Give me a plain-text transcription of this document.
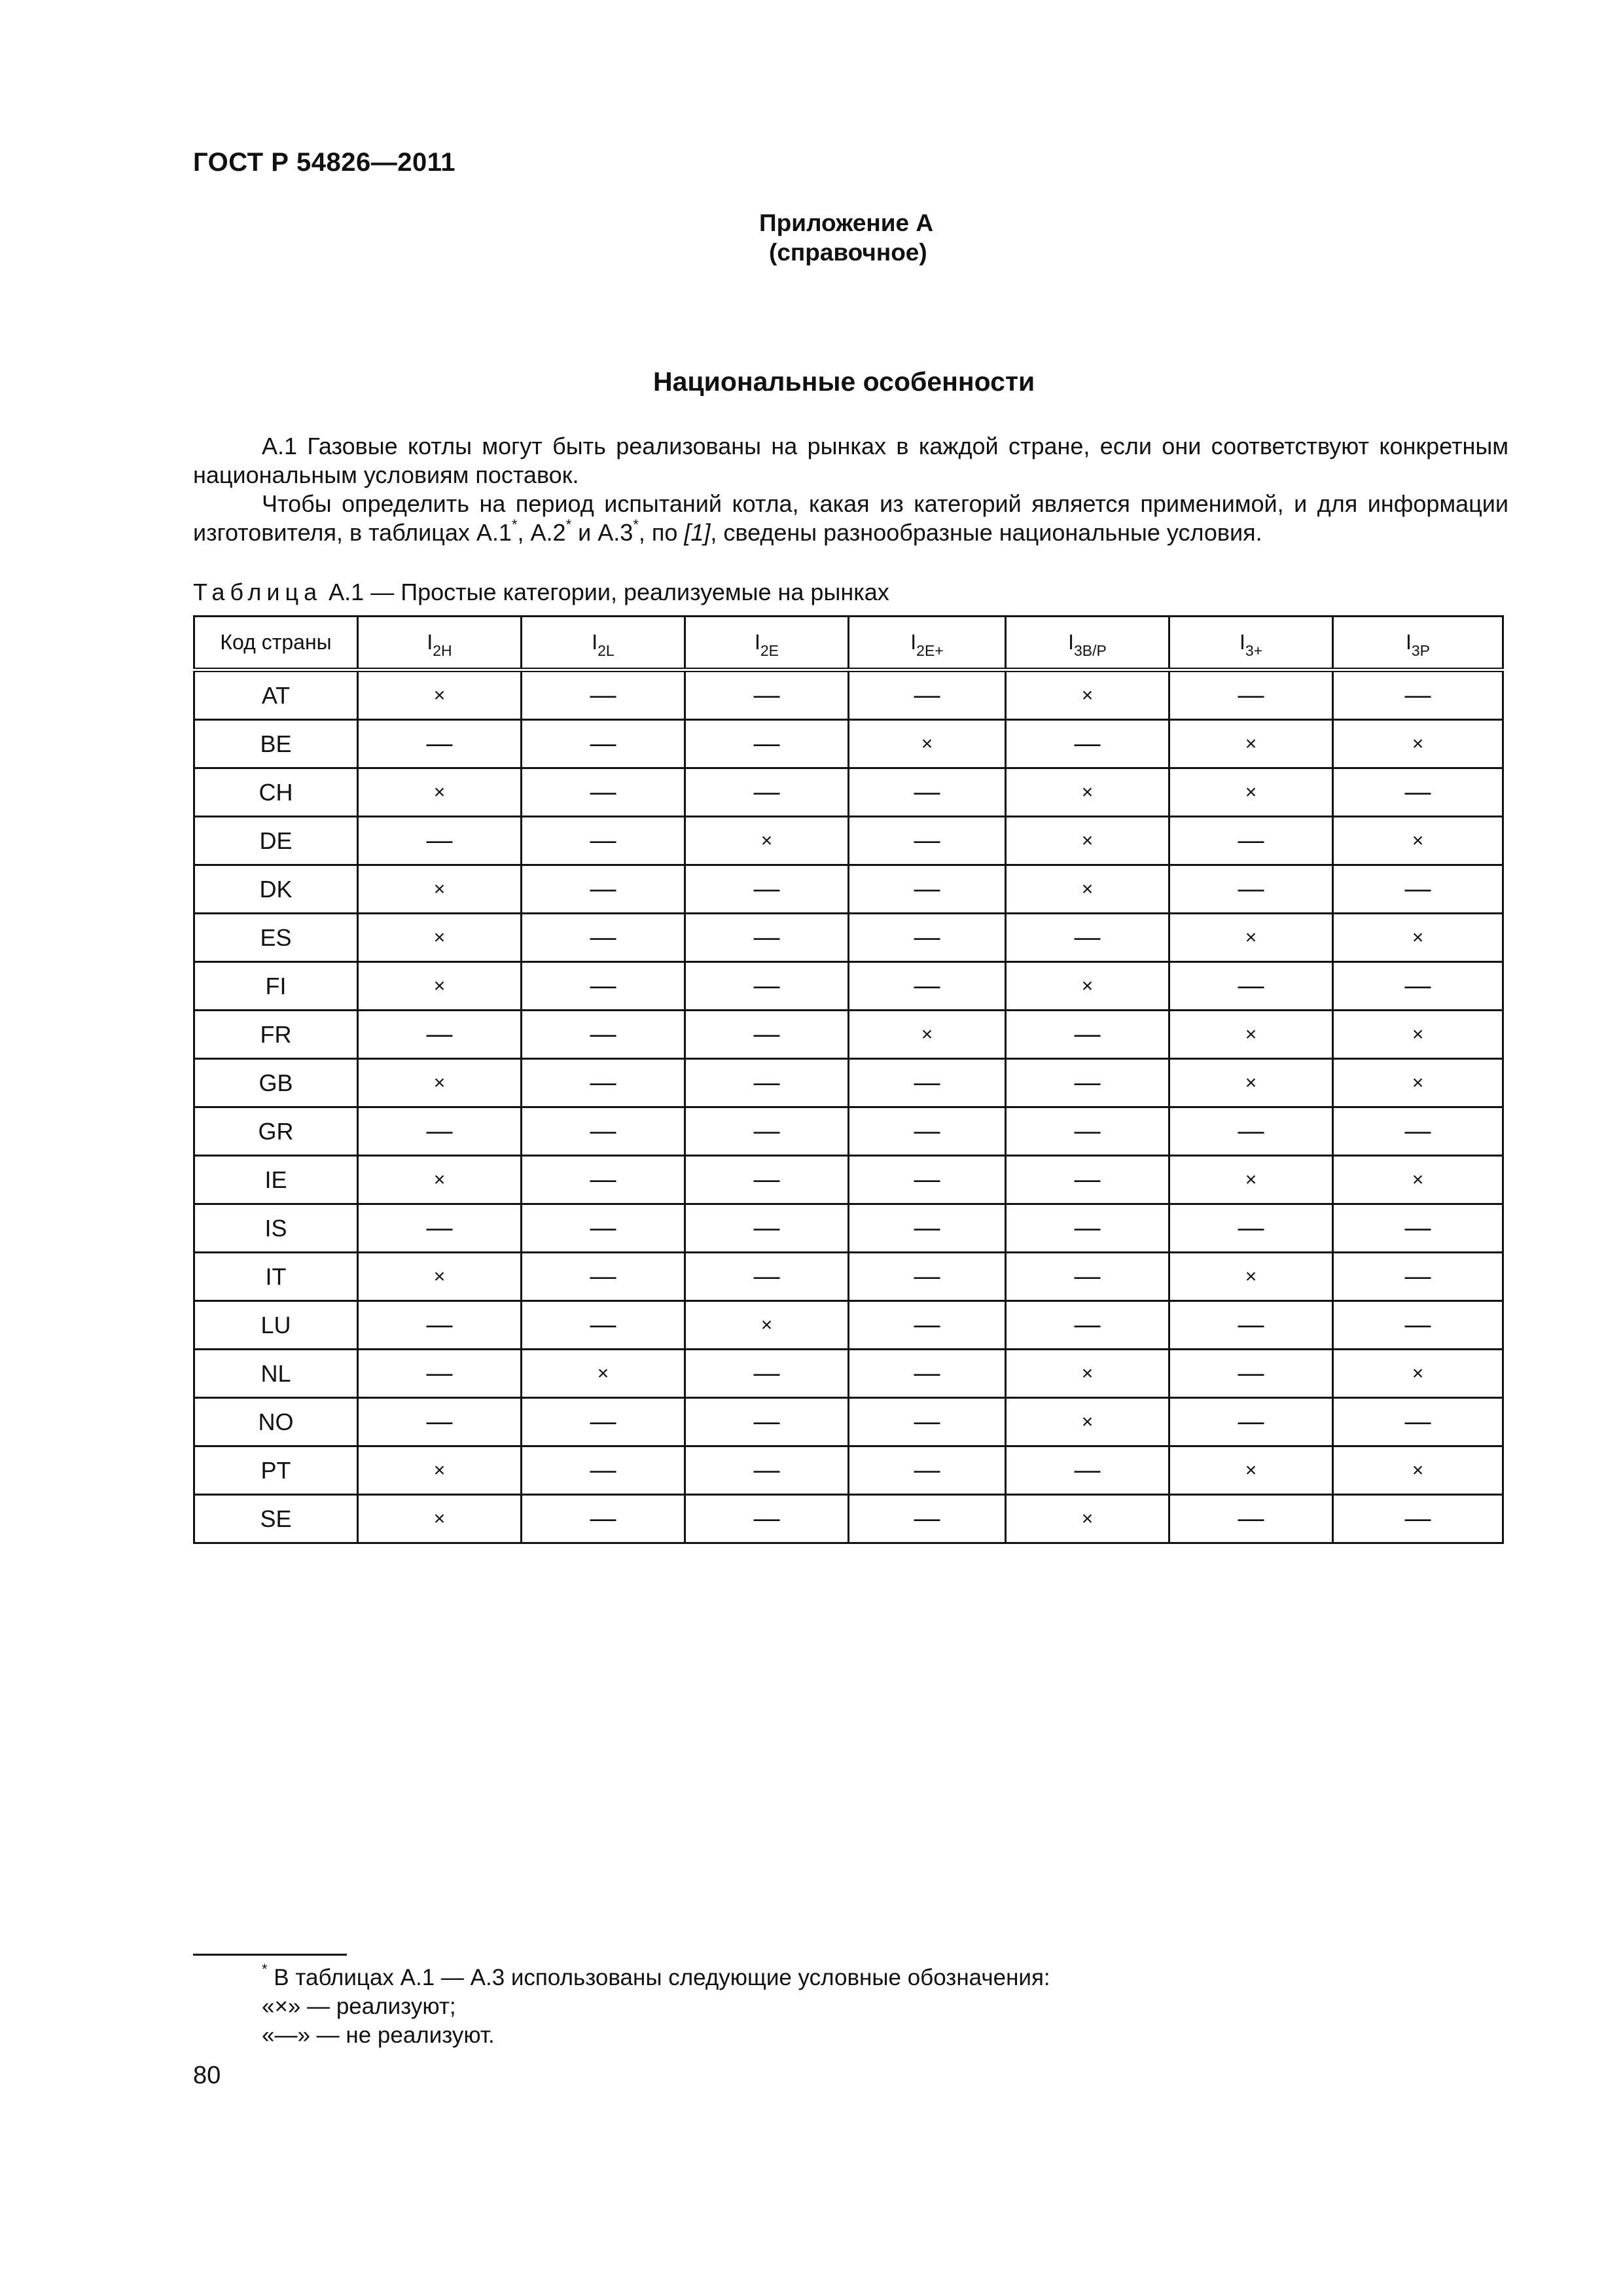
ГОСТ Р 54826—2011
Приложение А
(справочное)
Национальные особенности
А.1 Газовые котлы могут быть реализованы на рынках в каждой стране, если они соответствуют конкретным национальным условиям поставок.
Чтобы определить на период испытаний котла, какая из категорий является применимой, и для информации изготовителя, в таблицах А.1*, А.2* и А.3*, по [1], сведены разнообразные национальные условия.
Таблица А.1 — Простые категории, реализуемые на рынках
Код страны	$I_{2H}$	$I_{2L}$	$I_{2E}$	$I_{2E+}$	$I_{3B/P}$	$I_{3+}$	$I_{3P}$
AT	×	—	—	—	×	—	—
BE	—	—	—	×	—	×	×
CH	×	—	—	—	×	×	—
DE	—	—	×	—	×	—	×
DK	×	—	—	—	×	—	—
ES	×	—	—	—	—	×	×
FI	×	—	—	—	×	—	—
FR	—	—	—	×	—	×	×
GB	×	—	—	—	—	×	×
GR	—	—	—	—	—	—	—
IE	×	—	—	—	—	×	×
IS	—	—	—	—	—	—	—
IT	×	—	—	—	—	×	—
LU	—	—	×	—	—	—	—
NL	—	×	—	—	×	—	×
NO	—	—	—	—	×	—	—
PT	×	—	—	—	—	×	×
SE	×	—	—	—	×	—	—
* В таблицах А.1 — А.3 использованы следующие условные обозначения:
«×» — реализуют;
«—» — не реализуют.
80
